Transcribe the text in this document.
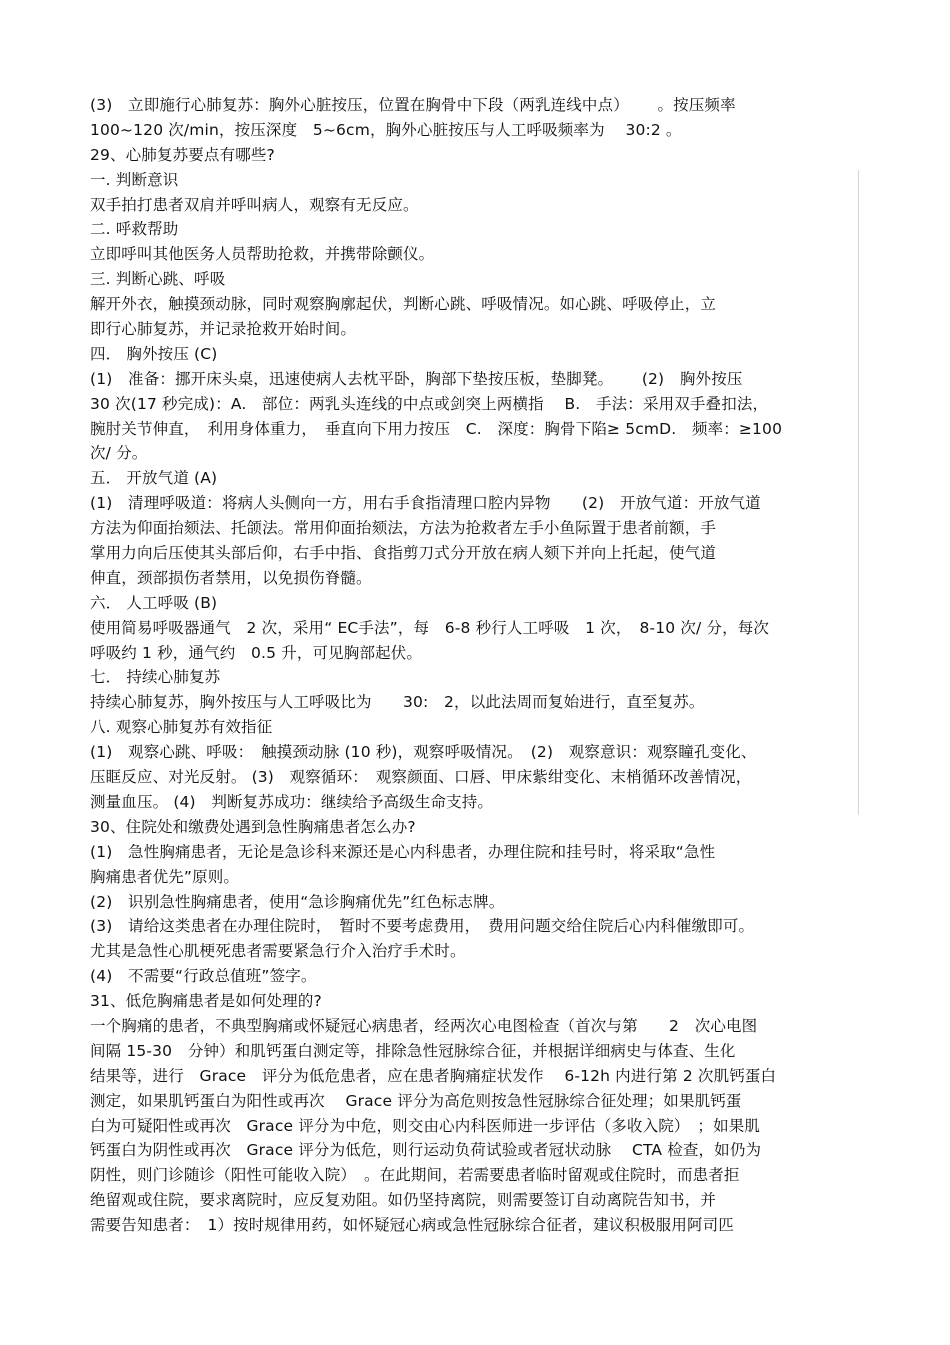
(3)　立即施行心肺复苏：胸外心脏按压，位置在胸骨中下段（两乳连线中点）　　 。按压频率
100~120 次/min，按压深度　5~6cm，胸外心脏按压与人工呼吸频率为　 30:2 。
29、心肺复苏要点有哪些?
一. 判断意识
双手拍打患者双肩并呼叫病人，观察有无反应。
二. 呼救帮助
立即呼叫其他医务人员帮助抢救，并携带除颤仪。
三. 判断心跳、呼吸
解开外衣，触摸颈动脉，同时观察胸廓起伏，判断心跳、呼吸情况。如心跳、呼吸停止，立
即行心肺复苏，并记录抢救开始时间。
四． 胸外按压 (C)
(1)　准备：挪开床头桌，迅速使病人去枕平卧，胸部下垫按压板，垫脚凳。　　 (2)　胸外按压
30 次(17 秒完成)：A.　部位：两乳头连线的中点或剑突上两横指　 B.　手法：采用双手叠扣法，
腕肘关节伸直，　利用身体重力，　垂直向下用力按压　C.　深度：胸骨下陷≥ 5cmD.　频率：≥100
次/ 分。
五． 开放气道 (A)
(1)　清理呼吸道：将病人头侧向一方，用右手食指清理口腔内异物　　(2)　开放气道：开放气道
方法为仰面抬颏法、托颌法。常用仰面抬颏法，方法为抢救者左手小鱼际置于患者前额，手
掌用力向后压使其头部后仰，右手中指、食指剪刀式分开放在病人颏下并向上托起，使气道
伸直，颈部损伤者禁用，以免损伤脊髓。
六． 人工呼吸 (B)
使用简易呼吸器通气　2 次，采用“ EC手法”，每　6-8 秒行人工呼吸　1 次，　8-10 次/ 分，每次
呼吸约 1 秒，通气约　0.5 升，可见胸部起伏。
七． 持续心肺复苏
持续心肺复苏，胸外按压与人工呼吸比为　　30:　2，以此法周而复始进行，直至复苏。
八. 观察心肺复苏有效指征
(1)　观察心跳、呼吸：　触摸颈动脉 (10 秒)，观察呼吸情况。　(2)　观察意识：观察瞳孔变化、
压眶反应、对光反射。 (3)　观察循环：　观察颜面、口唇、甲床紫绀变化、末梢循环改善情况，
测量血压。 (4)　判断复苏成功：继续给予高级生命支持。
30、住院处和缴费处遇到急性胸痛患者怎么办?
(1)　急性胸痛患者，无论是急诊科来源还是心内科患者，办理住院和挂号时，将采取“急性
胸痛患者优先”原则。
(2)　识别急性胸痛患者，使用“急诊胸痛优先”红色标志牌。
(3)　请给这类患者在办理住院时，　暂时不要考虑费用，　费用问题交给住院后心内科催缴即可。
尤其是急性心肌梗死患者需要紧急行介入治疗手术时。
(4)　不需要“行政总值班”签字。
31、低危胸痛患者是如何处理的?
一个胸痛的患者，不典型胸痛或怀疑冠心病患者，经两次心电图检查（首次与第　　2　次心电图
间隔 15-30　分钟）和肌钙蛋白测定等，排除急性冠脉综合征，并根据详细病史与体查、生化
结果等，进行　Grace　评分为低危患者，应在患者胸痛症状发作　 6-12h 内进行第 2 次肌钙蛋白
测定，如果肌钙蛋白为阳性或再次　 Grace 评分为高危则按急性冠脉综合征处理；如果肌钙蛋
白为可疑阳性或再次　Grace 评分为中危，则交由心内科医师进一步评估（多收入院）　；如果肌
钙蛋白为阴性或再次　Grace 评分为低危，则行运动负荷试验或者冠状动脉　 CTA 检查，如仍为
阴性，则门诊随诊（阳性可能收入院）　。在此期间，若需要患者临时留观或住院时，而患者拒
绝留观或住院，要求离院时，应反复劝阻。如仍坚持离院，则需要签订自动离院告知书，并
需要告知患者：　1）按时规律用药，如怀疑冠心病或急性冠脉综合征者，建议积极服用阿司匹
